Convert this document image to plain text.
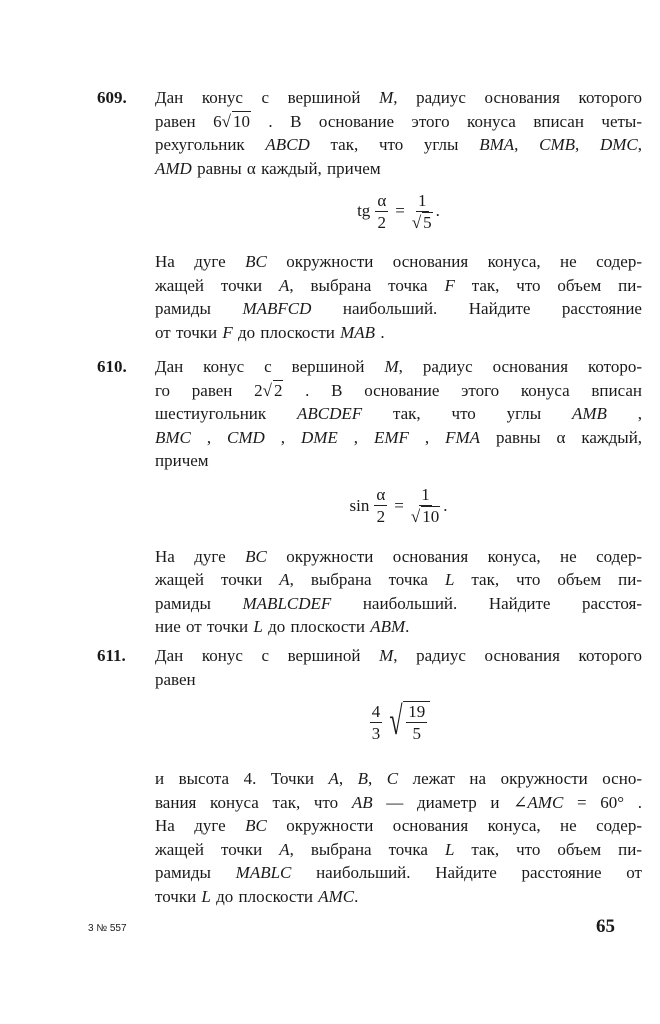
609. Дан конус с вершиной M, радиус основания которого
равен 6√ 10 . В основание этого конуса вписан четы-
рехугольник ABCD так, что углы BMA, CMB, DMC,
AMD равны α каждый, причем
tg $\frac{\alpha}{2} = \frac{1}{√ 5}$ .
На дуге BC окружности основания конуса, не содер-
жащей точки A, выбрана точка F так, что объем пи-
рамиды MABFCD наибольший. Найдите расстояние
от точки F до плоскости MAB .
610. Дан конус с вершиной M, радиус основания которо-
го равен 2√ 2 . В основание этого конуса вписан
шестиугольник ABCDEF так, что углы AMB ,
BMC , CMD , DME , EMF , FMA равны α каждый,
причем
$\sin \frac{\alpha}{2} = \frac{1}{√ 10}$ .
На дуге BC окружности основания конуса, не содер-
жащей точки A, выбрана точка L так, что объем пи-
рамиды MABLCDEF наибольший. Найдите расстоя-
ние от точки L до плоскости ABM.
611. Дан конус с вершиной M, радиус основания которого
равен
$\frac{4}{3}$ √ $\frac{19}{5}$
и высота 4. Точки A, B, C лежат на окружности осно-
вания конуса так, что AB — диаметр и ∠AMC = 60° .
На дуге BC окружности основания конуса, не содер-
жащей точки A, выбрана точка L так, что объем пи-
рамиды MABLC наибольший. Найдите расстояние от
точки L до плоскости AMC.
3 № 557	65
